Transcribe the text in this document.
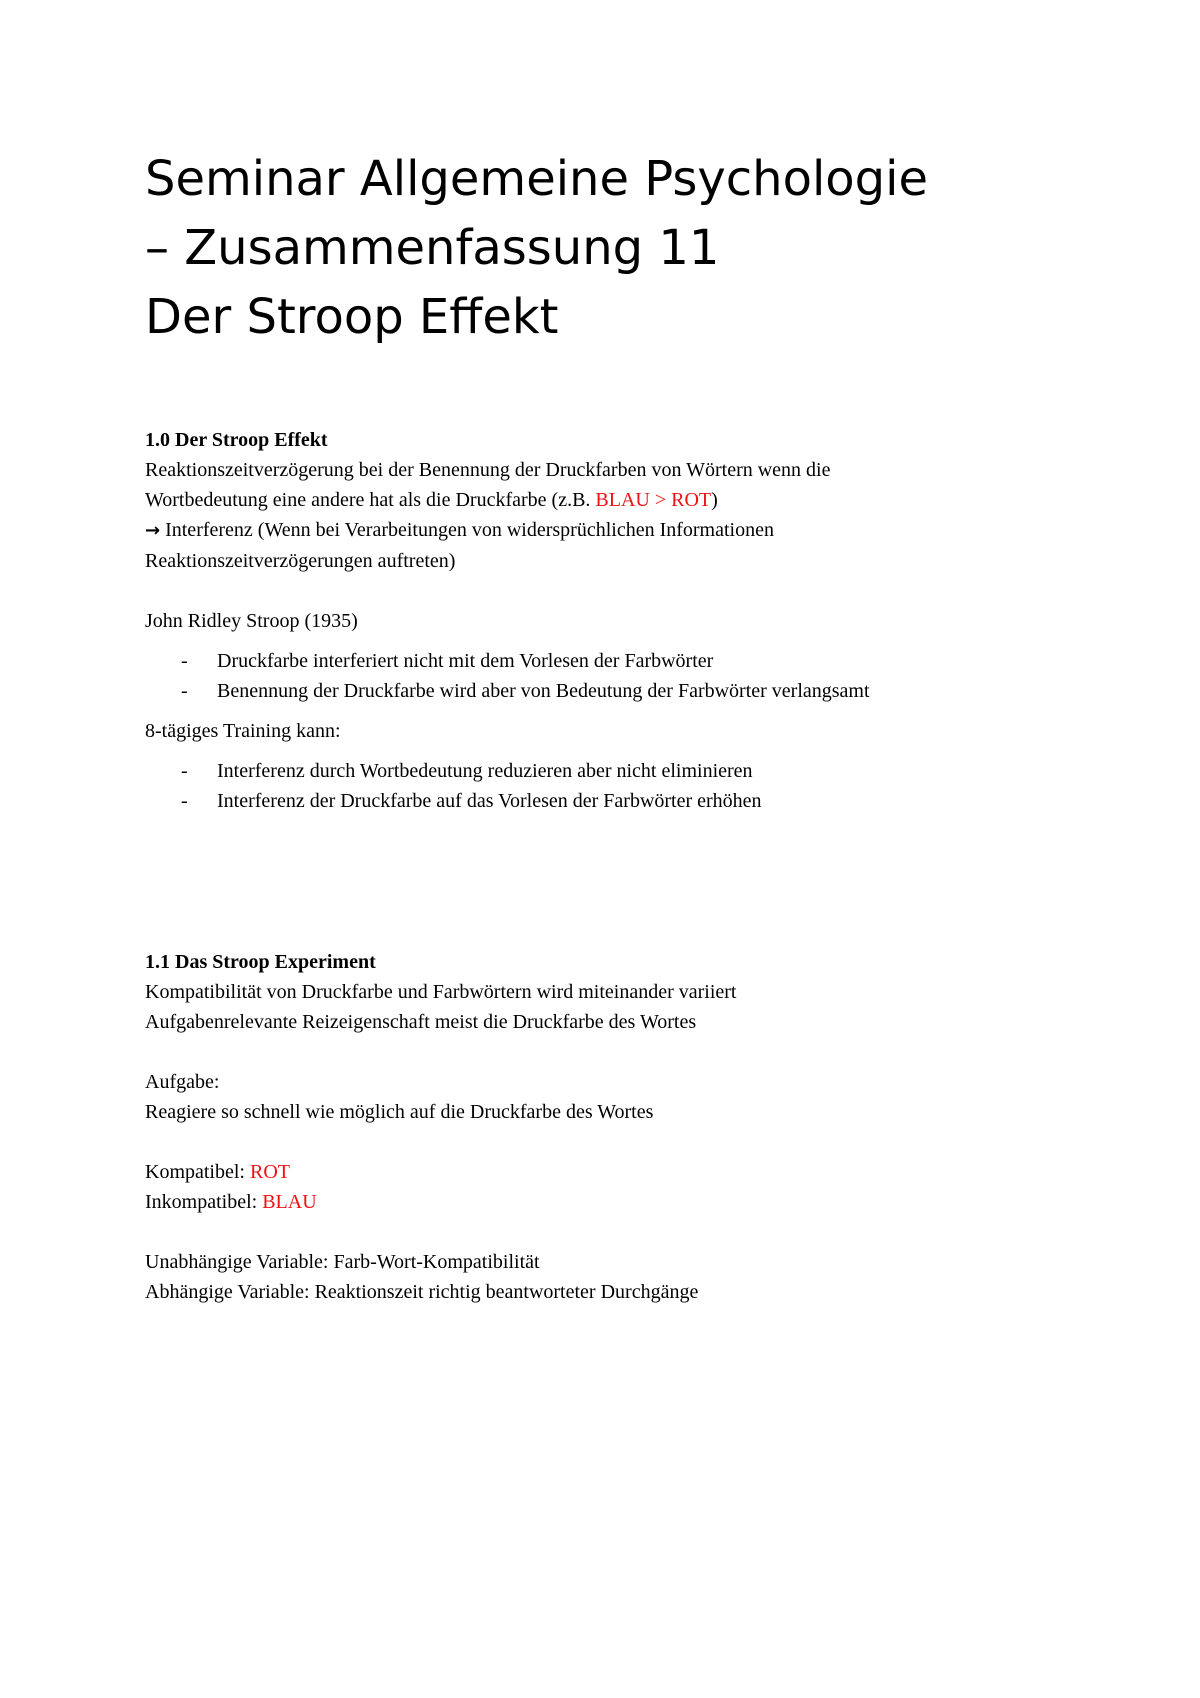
Seminar Allgemeine Psychologie
– Zusammenfassung 11
Der Stroop Effekt
1.0 Der Stroop Effekt
Reaktionszeitverzögerung bei der Benennung der Druckfarben von Wörtern wenn die
Wortbedeutung eine andere hat als die Druckfarbe (z.B. BLAU > ROT)
→ Interferenz (Wenn bei Verarbeitungen von widersprüchlichen Informationen
Reaktionszeitverzögerungen auftreten)
John Ridley Stroop (1935)
- Druckfarbe interferiert nicht mit dem Vorlesen der Farbwörter
- Benennung der Druckfarbe wird aber von Bedeutung der Farbwörter verlangsamt
8-tägiges Training kann:
- Interferenz durch Wortbedeutung reduzieren aber nicht eliminieren
- Interferenz der Druckfarbe auf das Vorlesen der Farbwörter erhöhen
1.1 Das Stroop Experiment
Kompatibilität von Druckfarbe und Farbwörtern wird miteinander variiert
Aufgabenrelevante Reizeigenschaft meist die Druckfarbe des Wortes
Aufgabe:
Reagiere so schnell wie möglich auf die Druckfarbe des Wortes
Kompatibel: ROT
Inkompatibel: BLAU
Unabhängige Variable: Farb-Wort-Kompatibilität
Abhängige Variable: Reaktionszeit richtig beantworteter Durchgänge
